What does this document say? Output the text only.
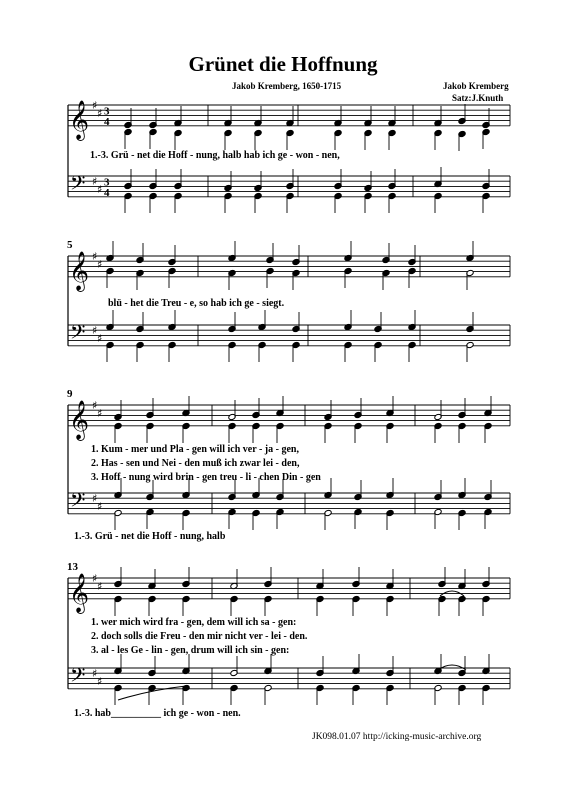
Grünet die Hoffnung
Jakob Kremberg, 1650-1715	Jakob Kremberg
Satz:J.Knuth
𝄞 ♯
♯
𝄢 ♯
♯
3
4
3
4
𝄞 ♯
♯
𝄢 ♯
♯
5
𝄞 ♯
♯
𝄢 ♯
♯
9
𝄞 ♯
♯
𝄢 ♯
♯
13
1.-3. Grü - net die Hoff - nung, halb hab ich ge - won - nen,
blü - het die Treu - e, so hab ich ge - siegt.
1. Kum - mer und Pla - gen will ich ver - ja - gen,
2. Has - sen und Nei - den muß ich zwar lei - den,
3. Hoff - nung wird brin - gen treu - li - chen Din - gen
1.-3. Grü - net die Hoff - nung, halb
1. wer mich wird fra - gen, dem will ich sa - gen:
2. doch solls die Freu - den mir nicht ver - lei - den.
3. al - les Ge - lin - gen, drum will ich sin - gen:
1.-3. hab__________ ich ge - won - nen.
JK098.01.07 http://icking-music-archive.org
